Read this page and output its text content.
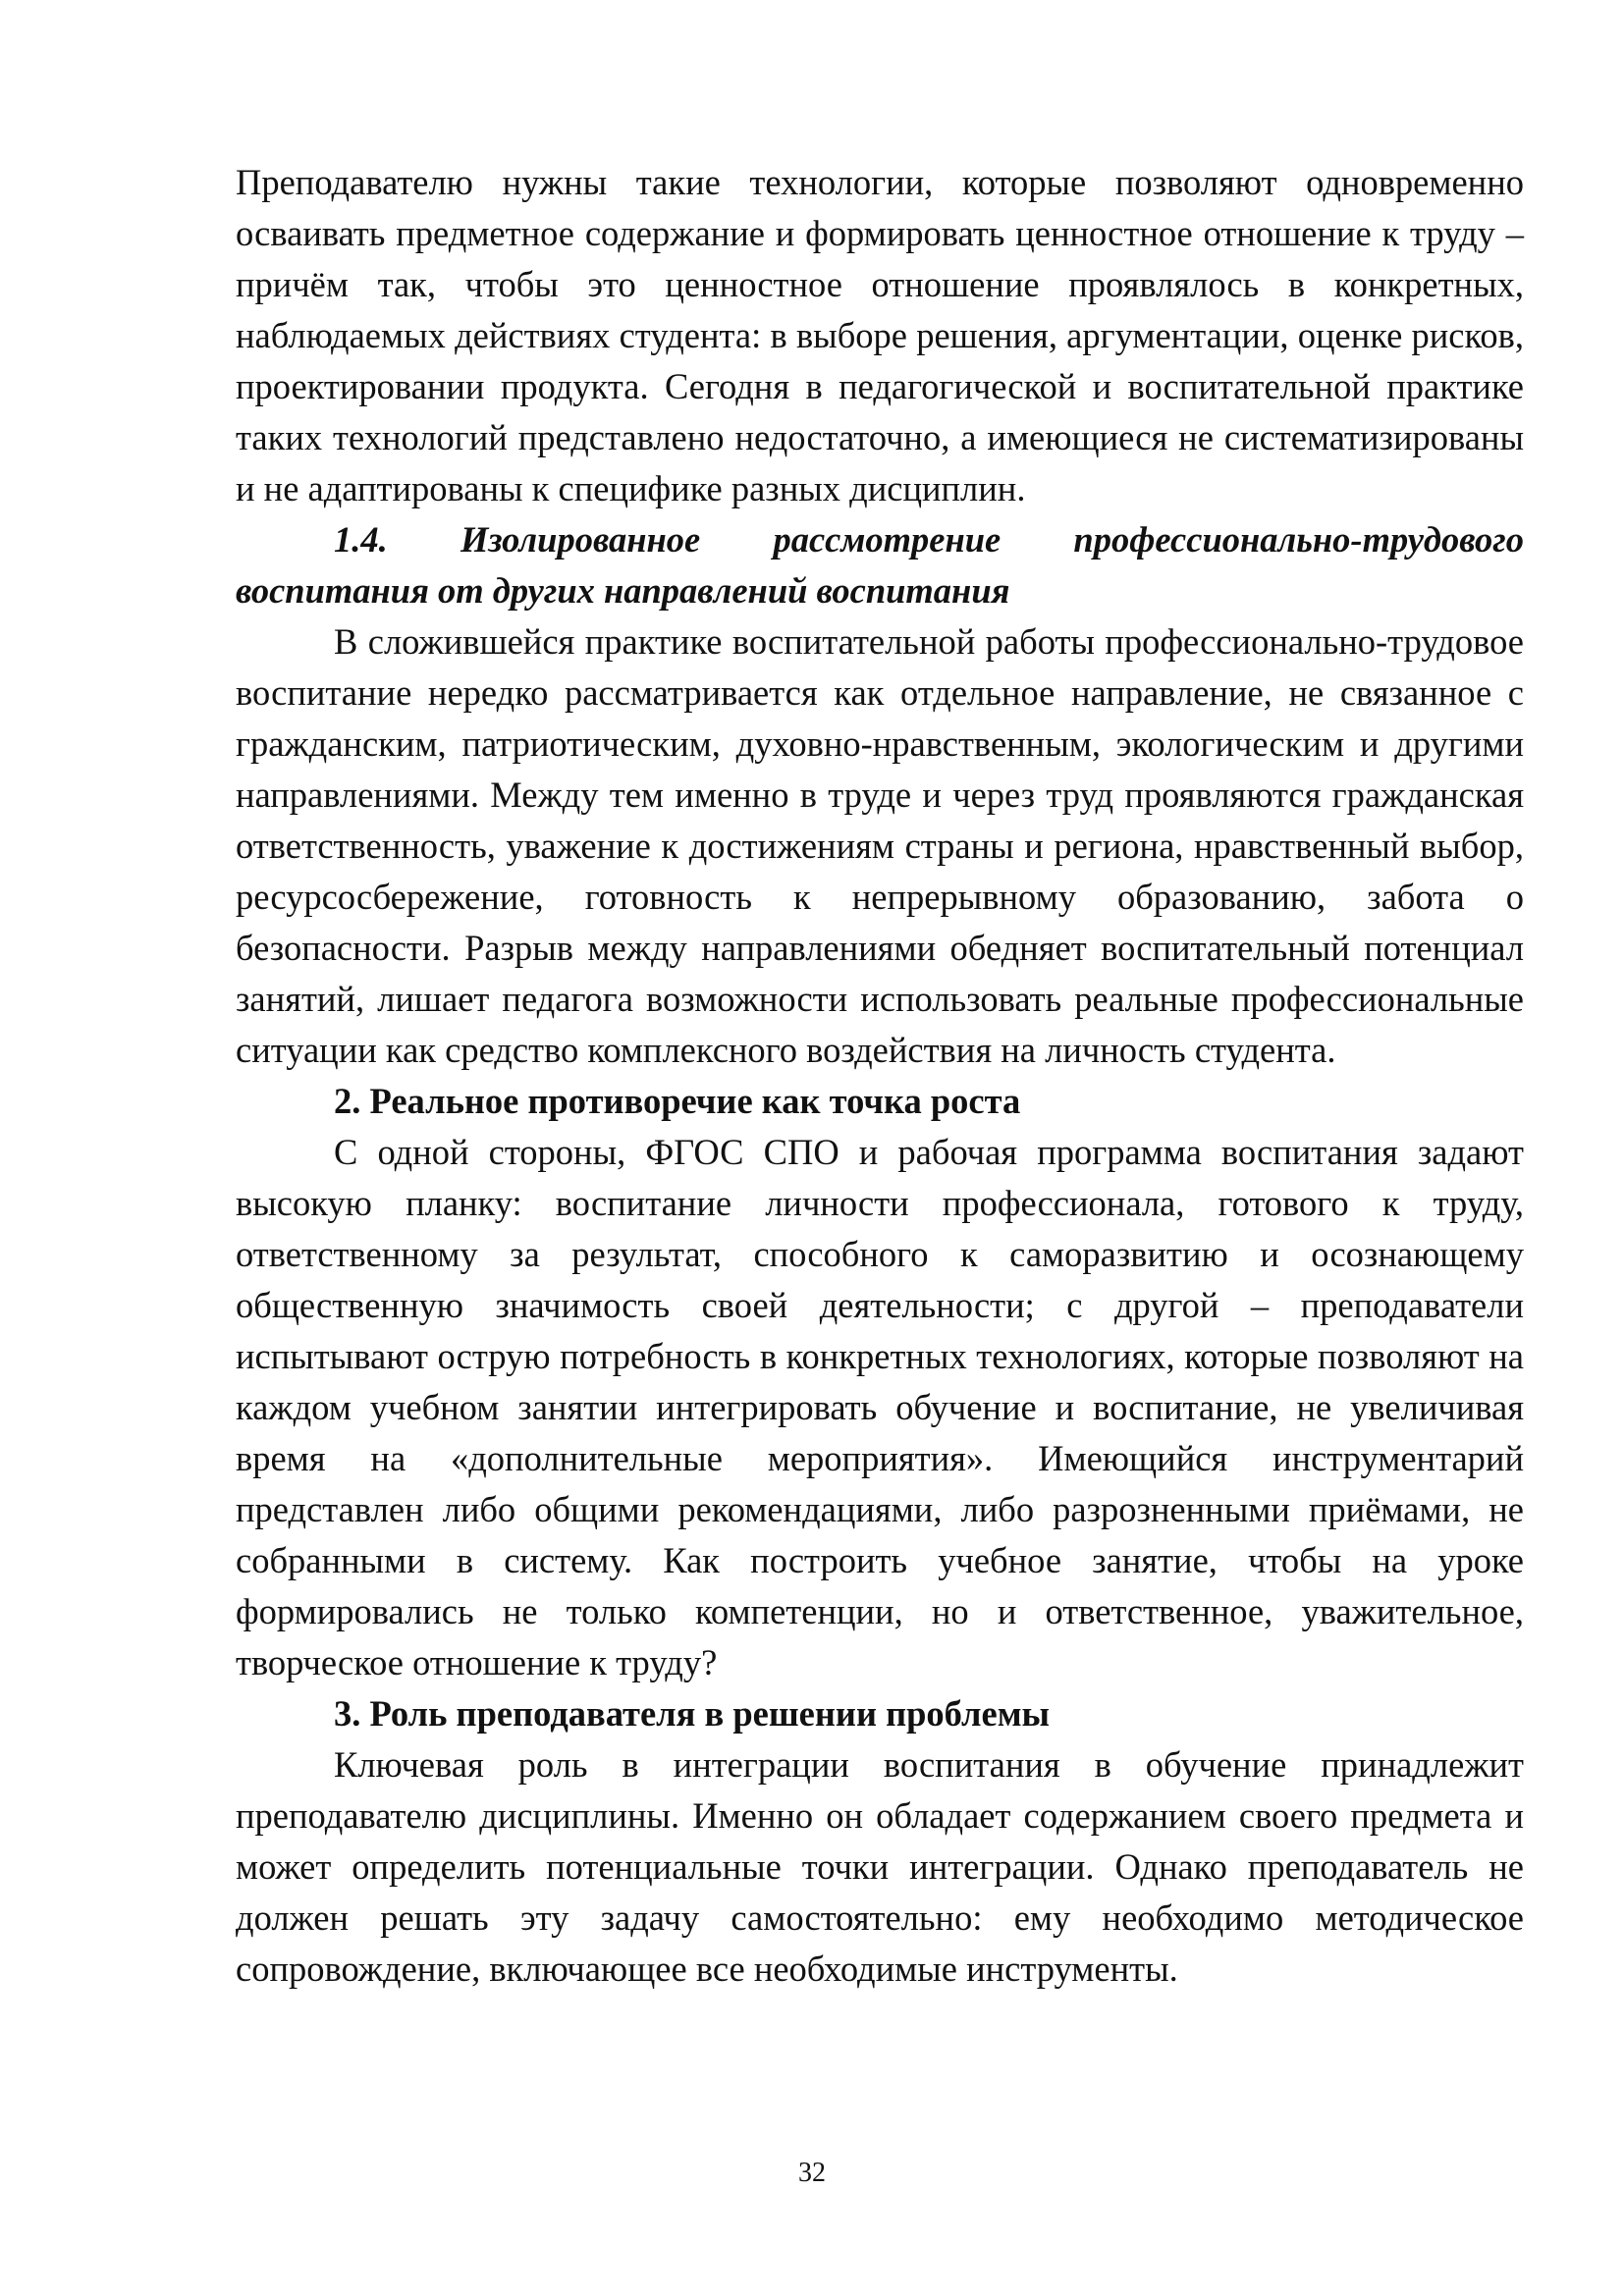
Преподавателю нужны такие технологии, которые позволяют одновременно осваивать предметное содержание и формировать ценностное отношение к труду – причём так, чтобы это ценностное отношение проявлялось в конкретных, наблюдаемых действиях студента: в выборе решения, аргументации, оценке рисков, проектировании продукта. Сегодня в педагогической и воспитательной практике таких технологий представлено недостаточно, а имеющиеся не систематизированы и не адаптированы к специфике разных дисциплин.

1.4. Изолированное рассмотрение профессионально-трудового воспитания от других направлений воспитания

В сложившейся практике воспитательной работы профессионально-трудовое воспитание нередко рассматривается как отдельное направление, не связанное с гражданским, патриотическим, духовно-нравственным, экологическим и другими направлениями. Между тем именно в труде и через труд проявляются гражданская ответственность, уважение к достижениям страны и региона, нравственный выбор, ресурсосбережение, готовность к непрерывному образованию, забота о безопасности. Разрыв между направлениями обедняет воспитательный потенциал занятий, лишает педагога возможности использовать реальные профессиональные ситуации как средство комплексного воздействия на личность студента.

2. Реальное противоречие как точка роста

С одной стороны, ФГОС СПО и рабочая программа воспитания задают высокую планку: воспитание личности профессионала, готового к труду, ответственному за результат, способного к саморазвитию и осознающему общественную значимость своей деятельности; с другой – преподаватели испытывают острую потребность в конкретных технологиях, которые позволяют на каждом учебном занятии интегрировать обучение и воспитание, не увеличивая время на «дополнительные мероприятия». Имеющийся инструментарий представлен либо общими рекомендациями, либо разрозненными приёмами, не собранными в систему. Как построить учебное занятие, чтобы на уроке формировались не только компетенции, но и ответственное, уважительное, творческое отношение к труду?

3. Роль преподавателя в решении проблемы

Ключевая роль в интеграции воспитания в обучение принадлежит преподавателю дисциплины. Именно он обладает содержанием своего предмета и может определить потенциальные точки интеграции. Однако преподаватель не должен решать эту задачу самостоятельно: ему необходимо методическое сопровождение, включающее все необходимые инструменты.

32
